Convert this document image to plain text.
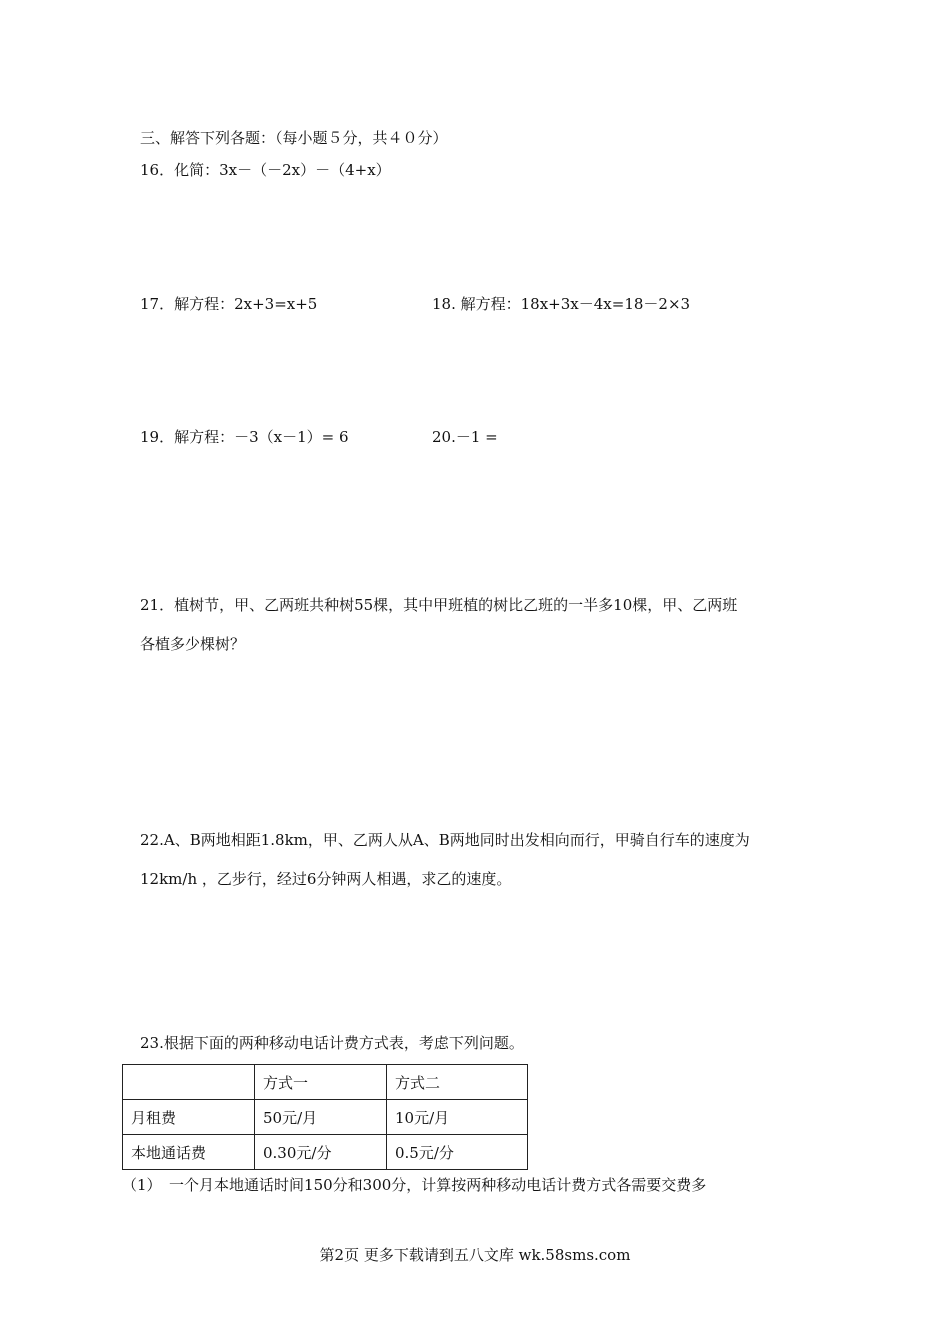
三、解答下列各题：（每小题５分，共４０分）
16．化简：3x－（－2x）－（4+x）
17．解方程：2x+3=x+5	18. 解方程：18x+3x－4x=18－2×3
19．解方程：－3（x－1）= 6	20.－1 =
21．植树节，甲、乙两班共种树55棵，其中甲班植的树比乙班的一半多10棵，甲、乙两班
各植多少棵树？
22.A、B两地相距1.8km，甲、乙两人从A、B两地同时出发相向而行，甲骑自行车的速度为
12km/h ，乙步行，经过6分钟两人相遇，求乙的速度。
23.根据下面的两种移动电话计费方式表，考虑下列问题。
	方式一	方式二
月租费	50元/月	10元/月
本地通话费	0.30元/分	0.5元/分
（1）　一个月本地通话时间150分和300分，计算按两种移动电话计费方式各需要交费多
第2页 更多下载请到五八文库 wk.58sms.com
